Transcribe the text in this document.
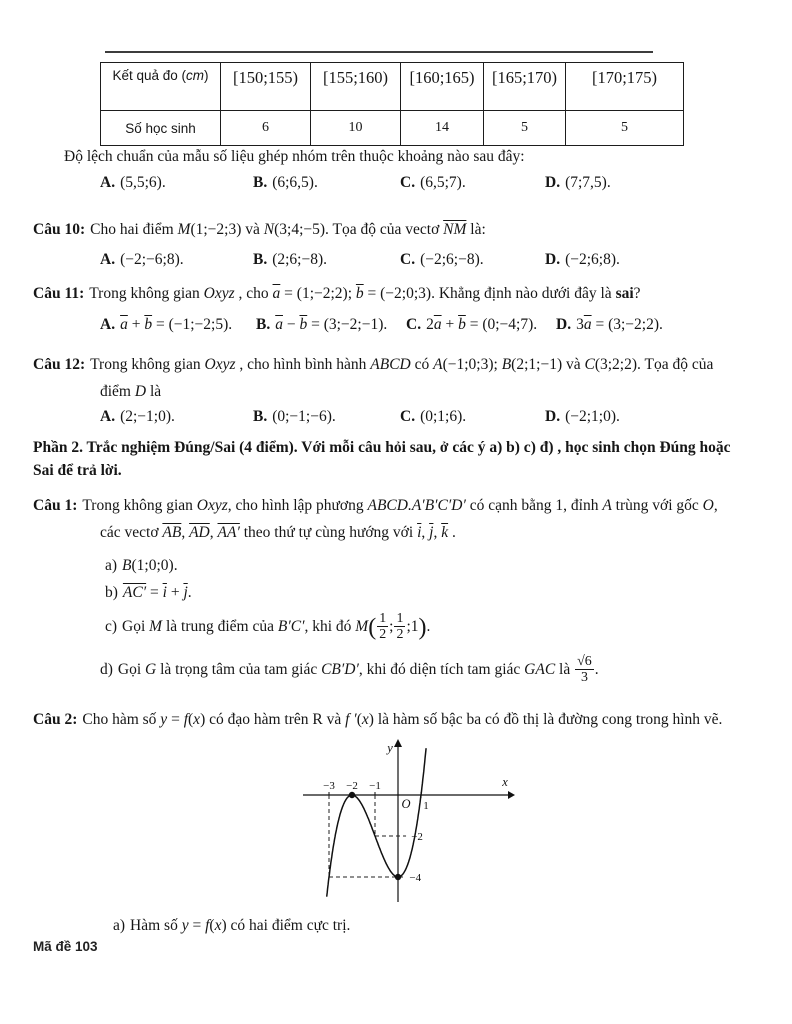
Kết quả đo (cm)	[150;155)	[155;160)	[160;165)	[165;170)	[170;175)
Số học sinh	6	10	14	5	5
Độ lệch chuẩn của mẫu số liệu ghép nhóm trên thuộc khoảng nào sau đây:
A. (5,5;6).	B. (6;6,5).	C. (6,5;7).	D. (7;7,5).
Câu 10: Cho hai điểm M(1;−2;3) và N(3;4;−5). Tọa độ của vectơ $\overline{NM}$ là:
A. (−2;−6;8).	B. (2;6;−8).	C. (−2;6;−8).	D. (−2;6;8).
Câu 11: Trong không gian Oxyz , cho $\overline{a}$ = (1;−2;2); $\overline{b}$ = (−2;0;3). Khẳng định nào dưới đây là sai?
A. $\overline{a} + \overline{b}$ = (−1;−2;5). B. $\overline{a} - \overline{b}$ = (3;−2;−1). C. $2\overline{a} + \overline{b}$ = (0;−4;7). D. $3\overline{a}$ = (3;−2;2).
Câu 12: Trong không gian Oxyz , cho hình bình hành ABCD có A(−1;0;3); B(2;1;−1) và C(3;2;2). Tọa độ của
điểm D là
A. (2;−1;0).	B. (0;−1;−6).	C. (0;1;6).	D. (−2;1;0).
Phần 2. Trắc nghiệm Đúng/Sai (4 điểm). Với mỗi câu hỏi sau, ở các ý a) b) c) đ) , học sinh chọn Đúng hoặc
Sai để trả lời.
Câu 1: Trong không gian Oxyz, cho hình lập phương ABCD.A′B′C′D′ có cạnh bằng 1, đỉnh A trùng với gốc O,
các vectơ $\overline{AB}$, $\overline{AD}$, AA′ theo thứ tự cùng hướng với $\overline{i}$, $\overline{j}$, $\overline{k}$ .
a) B(1;0;0).
b) $AC' = \overline{i} + \overline{j}$.
c) Gọi M là trung điểm của B′C′, khi đó $M( \frac{1}{2}$ ; $\frac{1}{2}$ ;1).
d) Gọi G là trọng tâm của tam giác CB′D′, khi đó diện tích tam giác GAC là $\frac{√6}{3}$ .
Câu 2: Cho hàm số y = f(x) có đạo hàm trên R và f ′(x) là hàm số bậc ba có đồ thị là đường cong trong hình vẽ.
x
y
O
−3 −2 −1
1
−2
−4
a) Hàm số y = f(x) có hai điểm cực trị.
Mã đề 103
